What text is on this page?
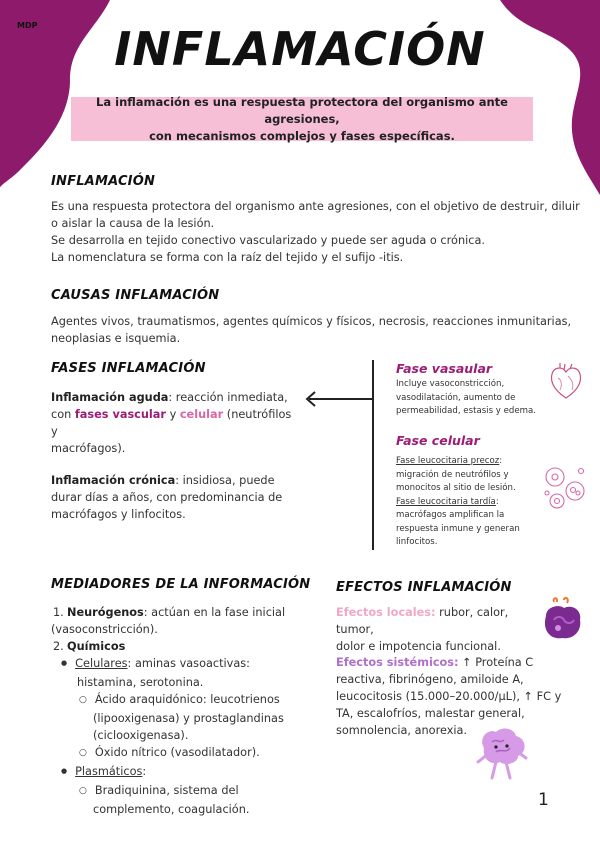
MDP	INFLAMACIÓN
La inflamación es una respuesta protectora del organismo ante agresiones,
con mecanismos complejos y fases específicas.
INFLAMACIÓN

Es una respuesta protectora del organismo ante agresiones, con el objetivo de destruir, diluir

o aislar la causa de la lesión.

Se desarrolla en tejido conectivo vascularizado y puede ser aguda o crónica.

La nomenclatura se forma con la raíz del tejido y el sufijo -itis.

CAUSAS INFLAMACIÓN

Agentes vivos, traumatismos, agentes químicos y físicos, necrosis, reacciones inmunitarias,

neoplasias e isquemia.

FASES INFLAMACIÓN

Inflamación aguda: reacción inmediata,

con fases vascular y celular (neutrófilos y

macrófagos).

Inflamación crónica: insidiosa, puede

durar días a años, con predominancia de

macrófagos y linfocitos.

Fase vasaular

Incluye vasoconstricción,

vasodilatación, aumento de

permeabilidad, estasis y edema.

Fase celular

Fase leucocitaria precoz:

migración de neutrófilos y

monocitos al sitio de lesión.

Fase leucocitaria tardía:

macrófagos amplifican la

respuesta inmune y generan

linfocitos.

MEDIADORES DE LA INFORMACIÓN
1. Neurógenos: actúan en la fase inicial
(vasoconstricción).
2. Químicos
● Celulares: aminas vasoactivas:
histamina, serotonina.
○ Ácido araquidónico: leucotrienos
(lipooxigenasa) y prostaglandinas
(ciclooxigenasa).
○ Óxido nítrico (vasodilatador).
● Plasmáticos:
○ Bradiquinina, sistema del
complemento, coagulación.
EFECTOS INFLAMACIÓN

Efectos locales: rubor, calor, tumor,

dolor e impotencia funcional.

Efectos sistémicos: ↑ Proteína C

reactiva, fibrinógeno, amiloide A,

leucocitosis (15.000–20.000/μL), ↑ FC y

TA, escalofríos, malestar general,

somnolencia, anorexia.

1
